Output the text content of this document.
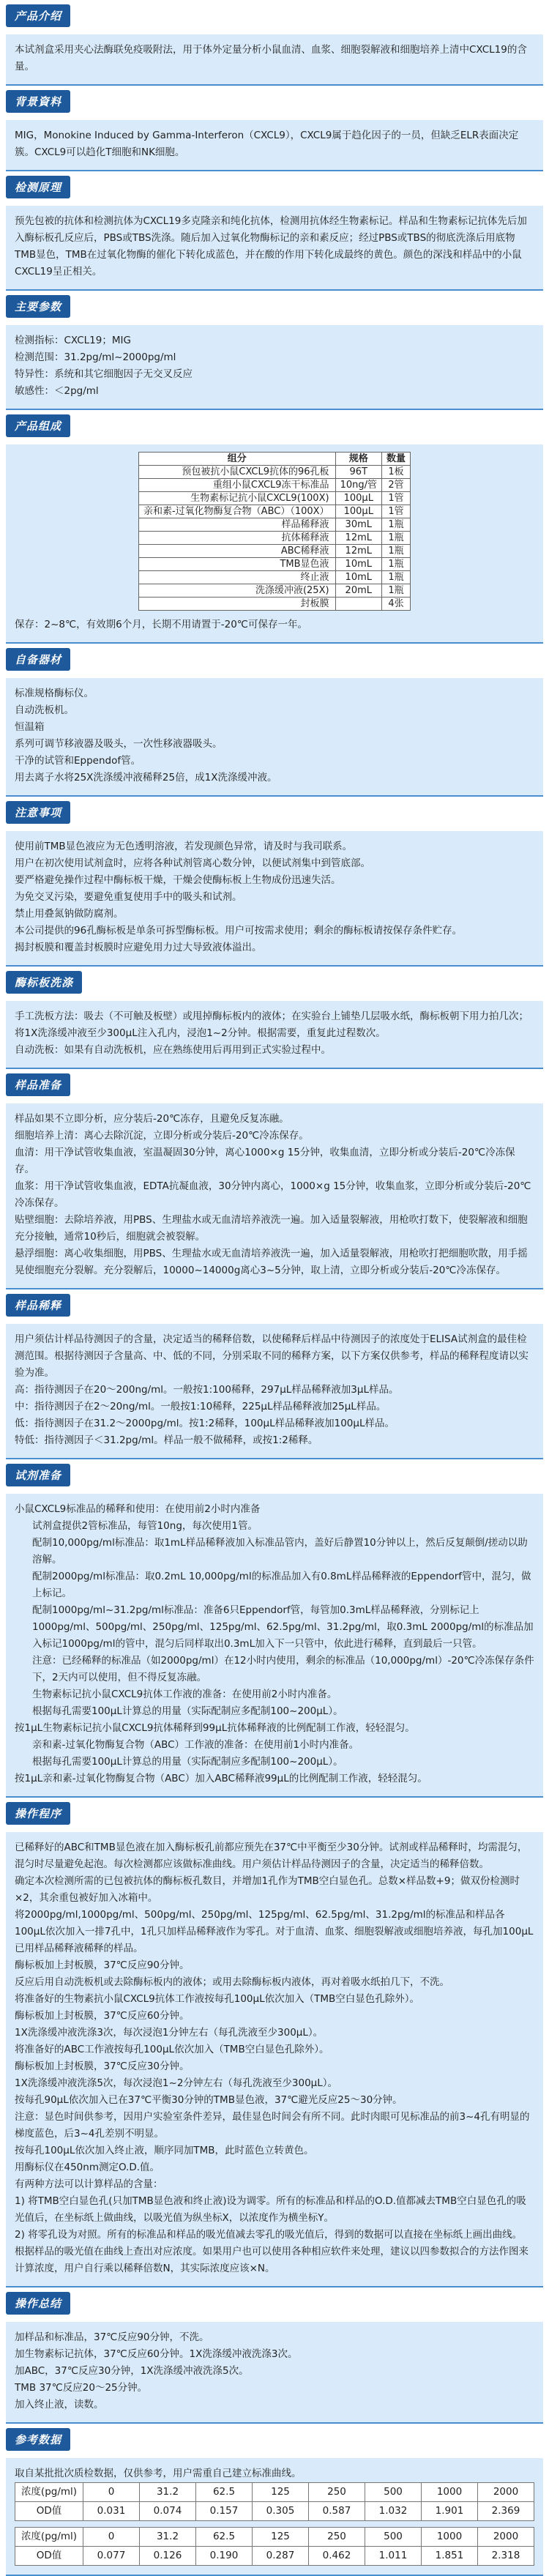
产品介绍

本试剂盒采用夹心法酶联免疫吸附法，用于体外定量分析小鼠血清、血浆、细胞裂解液和细胞培养上清中CXCL19的含量。

背景資料

MIG，Monokine Induced by Gamma-Interferon（CXCL9），CXCL9属于趋化因子的一员，但缺乏ELR表面决定簇。CXCL9可以趋化T细胞和NK细胞。

检测原理

预先包被的抗体和检测抗体为CXCL19多克隆亲和纯化抗体，检测用抗体经生物素标记。样品和生物素标记抗体先后加入酶标板孔反应后，PBS或TBS洗涤。随后加入过氧化物酶标记的亲和素反应；经过PBS或TBS的彻底洗涤后用底物TMB显色，TMB在过氧化物酶的催化下转化成蓝色，并在酸的作用下转化成最终的黄色。颜色的深浅和样品中的小鼠CXCL19呈正相关。

主要参数

检测指标：CXCL19；MIG

检测范围：31.2pg/ml~2000pg/ml

特异性：系统和其它细胞因子无交叉反应

敏感性：＜2pg/ml

产品组成
组分	规格	数量
预包被抗小鼠CXCL9抗体的96孔板	96T	1板
重组小鼠CXCL9冻干标准品	10ng/管	2管
生物素标记抗小鼠CXCL9(100X)	100μL	1管
亲和素-过氧化物酶复合物（ABC）（100X）	100μL	1管
样品稀释液	30mL	1瓶
抗体稀释液	12mL	1瓶
ABC稀释液	12mL	1瓶
TMB显色液	10mL	1瓶
终止液	10mL	1瓶
洗涤缓冲液(25X)	20mL	1瓶
封板膜		4张

保存：2~8℃，有效期6个月，长期不用请置于-20℃可保存一年。

自备器材

标准规格酶标仪。

自动洗板机。

恒温箱

系列可调节移液器及吸头，一次性移液器吸头。

干净的试管和Eppendof管。

用去离子水将25X洗涤缓冲液稀释25倍，成1X洗涤缓冲液。

注意事项

使用前TMB显色液应为无色透明溶液，若发现颜色异常，请及时与我司联系。

用户在初次使用试剂盒时，应将各种试剂管离心数分钟，以便试剂集中到管底部。

要严格避免操作过程中酶标板干燥，干燥会使酶标板上生物成份迅速失活。

为免交叉污染，要避免重复使用手中的吸头和试剂。

禁止用叠氮钠做防腐剂。

本公司提供的96孔酶标板是单条可拆型酶标板。用户可按需求使用；剩余的酶标板请按保存条件贮存。

揭封板膜和覆盖封板膜时应避免用力过大导致液体溢出。

酶标板洗涤

手工洗板方法：吸去（不可触及板壁）或甩掉酶标板内的液体；在实验台上铺垫几层吸水纸，酶标板朝下用力拍几次；将1X洗涤缓冲液至少300μL注入孔内，浸泡1~2分钟。根据需要，重复此过程数次。

自动洗板：如果有自动洗板机，应在熟练使用后再用到正式实验过程中。

样品准备

样品如果不立即分析，应分装后-20℃冻存，且避免反复冻融。

细胞培养上清：离心去除沉淀，立即分析或分装后-20℃冷冻保存。

血清：用干净试管收集血液，室温凝固30分钟，离心1000×g 15分钟，收集血清，立即分析或分装后-20℃冷冻保存。

血浆：用干净试管收集血液，EDTA抗凝血液，30分钟内离心，1000×g 15分钟，收集血浆，立即分析或分装后-20℃冷冻保存。

贴壁细胞：去除培养液，用PBS、生理盐水或无血清培养液洗一遍。加入适量裂解液，用枪吹打数下，使裂解液和细胞充分接触，通常10秒后，细胞就会被裂解。

悬浮细胞：离心收集细胞，用PBS、生理盐水或无血清培养液洗一遍，加入适量裂解液，用枪吹打把细胞吹散，用手摇晃使细胞充分裂解。充分裂解后，10000~14000g离心3~5分钟，取上清，立即分析或分装后-20℃冷冻保存。

样品稀释

用户须估计样品待测因子的含量，决定适当的稀释倍数，以使稀释后样品中待测因子的浓度处于ELISA试剂盒的最佳检测范围。根据待测因子含量高、中、低的不同，分别采取不同的稀释方案，以下方案仅供参考，样品的稀释程度请以实验为准。

高：指待测因子在20～200ng/ml。一般按1:100稀释，297μL样品稀释液加3μL样品。

中：指待测因子在2～20ng/ml。一般按1:10稀释，225μL样品稀释液加25μL样品。

低：指待测因子在31.2～2000pg/ml。按1:2稀释，100μL样品稀释液加100μL样品。

特低：指待测因子＜31.2pg/ml。样品一般不做稀释，或按1:2稀释。

试剂准备

小鼠CXCL9标准品的稀释和使用：在使用前2小时内准备

试剂盒提供2管标准品，每管10ng，每次使用1管。

配制10,000pg/ml标准品：取1mL样品稀释液加入标准品管内，盖好后静置10分钟以上，然后反复颠倒/搓动以助溶解。

配制2000pg/ml标准品：取0.2mL 10,000pg/ml的标准品加入有0.8mL样品稀释液的Eppendorf管中，混匀，做上标记。

配制1000pg/ml~31.2pg/ml标准品：准备6只Eppendorf管，每管加0.3mL样品稀释液，分别标记上1000pg/ml、500pg/ml、250pg/ml、125pg/ml、62.5pg/ml、31.2pg/ml，取0.3mL 2000pg/ml的标准品加入标记1000pg/ml的管中，混匀后同样取出0.3mL加入下一只管中，依此进行稀释，直到最后一只管。

注意：已经稀释的标准品（如2000pg/ml）在12小时内使用，剩余的标准品（10,000pg/ml）-20℃冷冻保存条件下，2天内可以使用，但不得反复冻融。

生物素标记抗小鼠CXCL9抗体工作液的准备：在使用前2小时内准备。

根据每孔需要100μL计算总的用量（实际配制应多配制100~200μL）。

按1μL生物素标记抗小鼠CXCL9抗体稀释到99μL抗体稀释液的比例配制工作液，轻轻混匀。

亲和素-过氧化物酶复合物（ABC）工作液的准备：在使用前1小时内准备。

根据每孔需要100μL计算总的用量（实际配制应多配制100~200μL）。

按1μL亲和素-过氧化物酶复合物（ABC）加入ABC稀释液99μL的比例配制工作液，轻轻混匀。

操作程序

已稀释好的ABC和TMB显色液在加入酶标板孔前都应预先在37℃中平衡至少30分钟。试剂或样品稀释时，均需混匀，混匀时尽量避免起泡。每次检测都应该做标准曲线。用户须估计样品待测因子的含量，决定适当的稀释倍数。

确定本次检测所需的已包被抗体的酶标板孔数目，并增加1孔作为TMB空白显色孔。总数×样品数+9；做双份检测时×2，其余重包被好加入冰箱中。

将2000pg/ml,1000pg/ml、500pg/ml、250pg/ml、125pg/ml、62.5pg/ml、31.2pg/ml的标准品和样品各100μL依次加入一排7孔中，1孔只加样品稀释液作为零孔。对于血清、血浆、细胞裂解液或细胞培养液，每孔加100μL已用样品稀释液稀释的样品。

酶标板加上封板膜，37℃反应90分钟。

反应后用自动洗板机或去除酶标板内的液体；或用去除酶标板内液体，再对着吸水纸拍几下，不洗。

将准备好的生物素抗小鼠CXCL9抗体工作液按每孔100μL依次加入（TMB空白显色孔除外）。

酶标板加上封板膜，37℃反应60分钟。

1X洗涤缓冲液洗涤3次，每次浸泡1分钟左右（每孔洗液至少300μL）。

将准备好的ABC工作液按每孔100μL依次加入（TMB空白显色孔除外）。

酶标板加上封板膜，37℃反应30分钟。

1X洗涤缓冲液洗涤5次，每次浸泡1~2分钟左右（每孔洗液至少300μL）。

按每孔90μL依次加入已在37℃平衡30分钟的TMB显色液，37℃避光反应25～30分钟。

注意：显色时间供参考，因用户实验室条件差异，最佳显色时间会有所不同。此时肉眼可见标准品的前3~4孔有明显的梯度蓝色，后3~4孔差别不明显。

按每孔100μL依次加入终止液，顺序同加TMB，此时蓝色立转黄色。

用酶标仪在450nm测定O.D.值。

有两种方法可以计算样品的含量：

1) 将TMB空白显色孔(只加TMB显色液和终止液)设为调零。所有的标准品和样品的O.D.值都减去TMB空白显色孔的吸光值后，在坐标纸上做曲线，以吸光值为纵坐标X，以浓度作为横坐标Y。

2) 将零孔设为对照。所有的标准品和样品的吸光值减去零孔的吸光值后，得到的数据可以直接在坐标纸上画出曲线。

根据样品的吸光值在曲线上查出对应浓度。如果用户也可以使用各种相应软件来处理，建议以四参数拟合的方法作图来计算浓度，用户自行乘以稀释倍数N，其实际浓度应该×N。

操作总结

加样品和标准品，37℃反应90分钟，不洗。

加生物素标记抗体，37℃反应60分钟。1X洗涤缓冲液洗涤3次。

加ABC，37℃反应30分钟，1X洗涤缓冲液洗涤5次。

TMB 37℃反应20～25分钟。

加入终止液，读数。

参考数据

取自某批批次质检数据，仅供参考，用户需重自己建立标准曲线。

浓度(pg/ml)	0	31.2	62.5	125	250	500	1000	2000
OD值	0.031	0.074	0.157	0.305	0.587	1.032	1.901	2.369
浓度(pg/ml)	0	31.2	62.5	125	250	500	1000	2000
OD值	0.077	0.126	0.190	0.287	0.462	1.011	1.851	2.318
